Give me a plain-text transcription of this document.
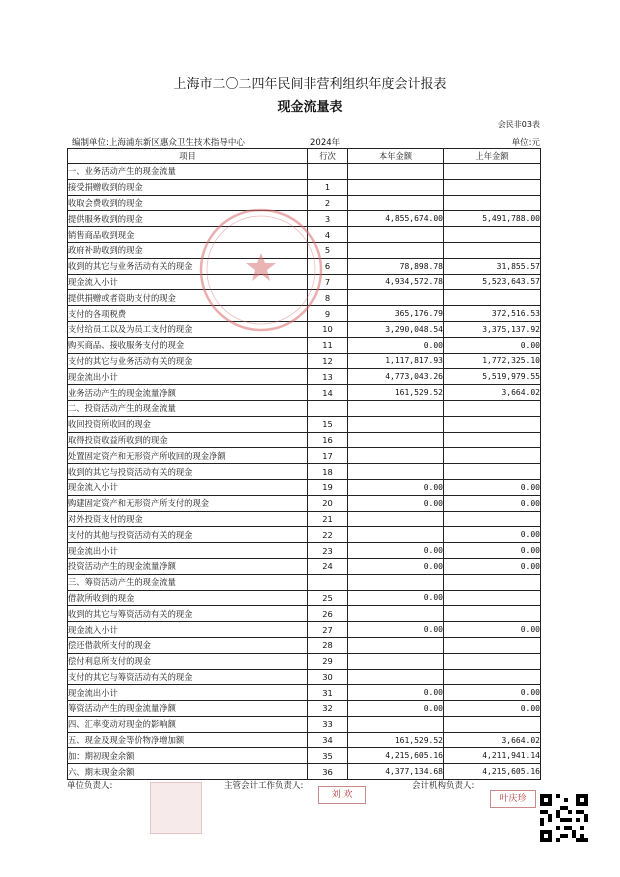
上海市二〇二四年民间非营利组织年度会计报表
现金流量表
会民非03表
编制单位:上海浦东新区惠众卫生技术指导中心	2024年	单位:元
项目	行次	本年金额	上年金额
一、业务活动产生的现金流量			
接受捐赠收到的现金	1		
收取会费收到的现金	2		
提供服务收到的现金	3	4,855,674.00	5,491,788.00
销售商品收到现金	4		
政府补助收到的现金	5		
收到的其它与业务活动有关的现金	6	78,898.78	31,855.57
现金流入小计	7	4,934,572.78	5,523,643.57
提供捐赠或者资助支付的现金	8		
支付的各项税费	9	365,176.79	372,516.53
支付给员工以及为员工支付的现金	10	3,290,048.54	3,375,137.92
购买商品、接收服务支付的现金	11	0.00	0.00
支付的其它与业务活动有关的现金	12	1,117,817.93	1,772,325.10
现金流出小计	13	4,773,043.26	5,519,979.55
业务活动产生的现金流量净额	14	161,529.52	3,664.02
二、投资活动产生的现金流量			
收回投资所收回的现金	15		
取得投资收益所收到的现金	16		
处置固定资产和无形资产所收回的现金净额	17		
收到的其它与投资活动有关的现金	18		
现金流入小计	19	0.00	0.00
购建固定资产和无形资产所支付的现金	20	0.00	0.00
对外投资支付的现金	21		
支付的其他与投资活动有关的现金	22		0.00
现金流出小计	23	0.00	0.00
投资活动产生的现金流量净额	24	0.00	0.00
三、筹资活动产生的现金流量			
借款所收到的现金	25	0.00	
收到的其它与筹资活动有关的现金	26		
现金流入小计	27	0.00	0.00
偿还借款所支付的现金	28		
偿付利息所支付的现金	29		
支付的其它与筹资活动有关的现金	30		
现金流出小计	31	0.00	0.00
筹资活动产生的现金流量净额	32	0.00	0.00
四、汇率变动对现金的影响额	33		
五、现金及现金等价物净增加额	34	161,529.52	3,664.02
加：期初现金余额	35	4,215,605.16	4,211,941.14
六、期末现金余额	36	4,377,134.68	4,215,605.16
单位负责人:	主管会计工作负责人:
刘 欢
会计机构负责人:
叶庆珍
